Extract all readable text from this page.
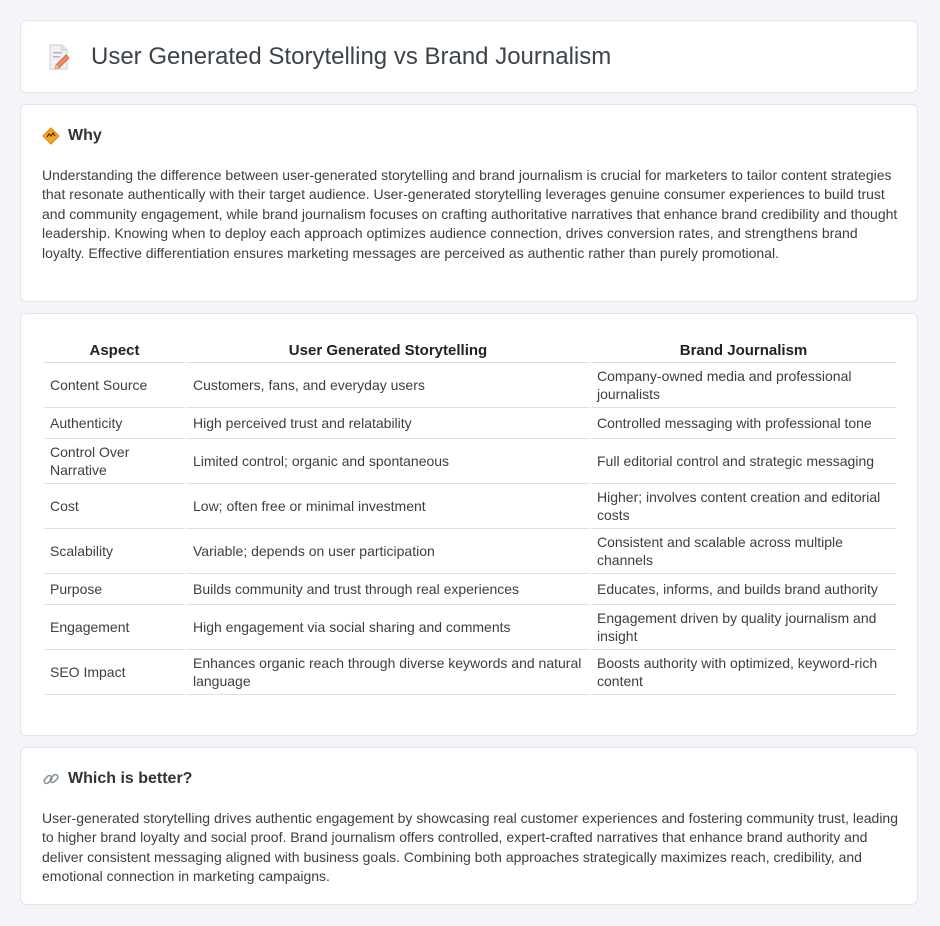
User Generated Storytelling vs Brand Journalism
Why

Understanding the difference between user-generated storytelling and brand journalism is crucial for marketers to tailor content strategies that resonate authentically with their target audience. User-generated storytelling leverages genuine consumer experiences to build trust and community engagement, while brand journalism focuses on crafting authoritative narratives that enhance brand credibility and thought leadership. Knowing when to deploy each approach optimizes audience connection, drives conversion rates, and strengthens brand loyalty. Effective differentiation ensures marketing messages are perceived as authentic rather than purely promotional.

Aspect	User Generated Storytelling	Brand Journalism
Content Source	Customers, fans, and everyday users	Company-owned media and professional journalists
Authenticity	High perceived trust and relatability	Controlled messaging with professional tone
Control Over Narrative	Limited control; organic and spontaneous	Full editorial control and strategic messaging
Cost	Low; often free or minimal investment	Higher; involves content creation and editorial costs
Scalability	Variable; depends on user participation	Consistent and scalable across multiple channels
Purpose	Builds community and trust through real experiences	Educates, informs, and builds brand authority
Engagement	High engagement via social sharing and comments	Engagement driven by quality journalism and insight
SEO Impact	Enhances organic reach through diverse keywords and natural language	Boosts authority with optimized, keyword-rich content
Which is better?

User-generated storytelling drives authentic engagement by showcasing real customer experiences and fostering community trust, leading to higher brand loyalty and social proof. Brand journalism offers controlled, expert-crafted narratives that enhance brand authority and deliver consistent messaging aligned with business goals. Combining both approaches strategically maximizes reach, credibility, and emotional connection in marketing campaigns.
